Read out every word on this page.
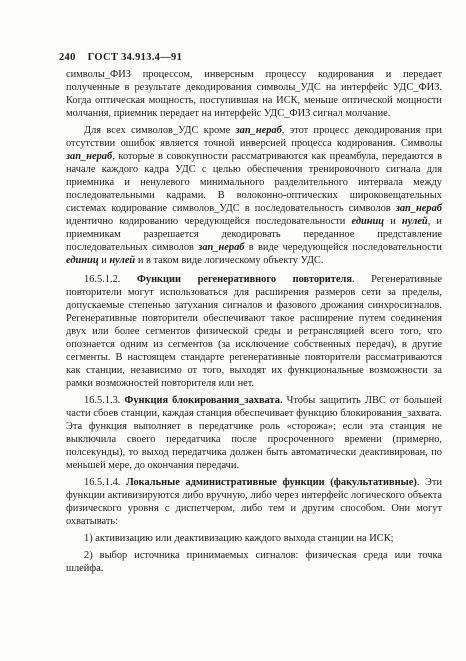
240 ГОСТ 34.913.4—91

символы_ФИЗ процессом, инверсным процессу кодирования и передает полученные в результате декодирования символы_УДС на интерфейс УДС_ФИЗ. Когда оптическая мощность, поступившая на ИСК, меньше оптической мощности молчания, приемник передает на интерфейс УДС_ФИЗ сигнал молчание.

Для всех символов_УДС кроме зап_нераб, этот процесс декодирования при отсутствии ошибок является точной инверсией процесса кодирования. Символы зап_нераб, которые в совокупности рассматриваются как преамбула, передаются в начале каждого кадра УДС с целью обеспечения тренировочного сигнала для приемника и ненулевого минимального разделительного интервала между последовательными кадрами. В волоконно-оптических широковещательных системах кодирование символов_УДС в последовательность символов зап_нераб идентично кодированию чередующейся последовательности единиц и нулей, и приемникам разрешается декодировать переданное представление последовательных символов зап_нераб в виде чередующейся последовательности единиц и нулей и в таком виде логическому объекту УДС.

16.5.1.2. Функции регенеративного повторителя. Регенеративные повторители могут использоваться для расширения размеров сети за пределы, допускаемые степенью затухания сигналов и фазового дрожания синхросигналов. Регенеративные повторители обеспечивают такое расширение путем соединения двух или более сегментов физической среды и ретрансляцией всего того, что опознается одним из сегментов (за исключение собственных передач), в другие сегменты. В настоящем стандарте регенеративные повторители рассматриваются как станции, независимо от того, выходят их функциональные возможности за рамки возможностей повторителя или нет.

16.5.1.3. Функция блокирования_захвата. Чтобы защитить ЛВС от большей части сбоев станции, каждая станция обеспечивает функцию блокирования_захвата. Эта функция выполняет в передатчике роль «сторожа»; если эта станция не выключила своего передатчика после просроченного времени (примерно, полсекунды), то выход передатчика должен быть автоматически деактивирован, по меньшей мере, до окончания передачи.

16.5.1.4. Локальные административные функции (факультативные). Эти функции активизируются либо вручную, либо через интерфейс логического объекта физического уровня с диспетчером, либо тем и другим способом. Они могут охватывать:

1) активизацию или деактивизацию каждого выхода станции на ИСК;

2) выбор источника принимаемых сигналов: физическая среда или точка шлейфа.
